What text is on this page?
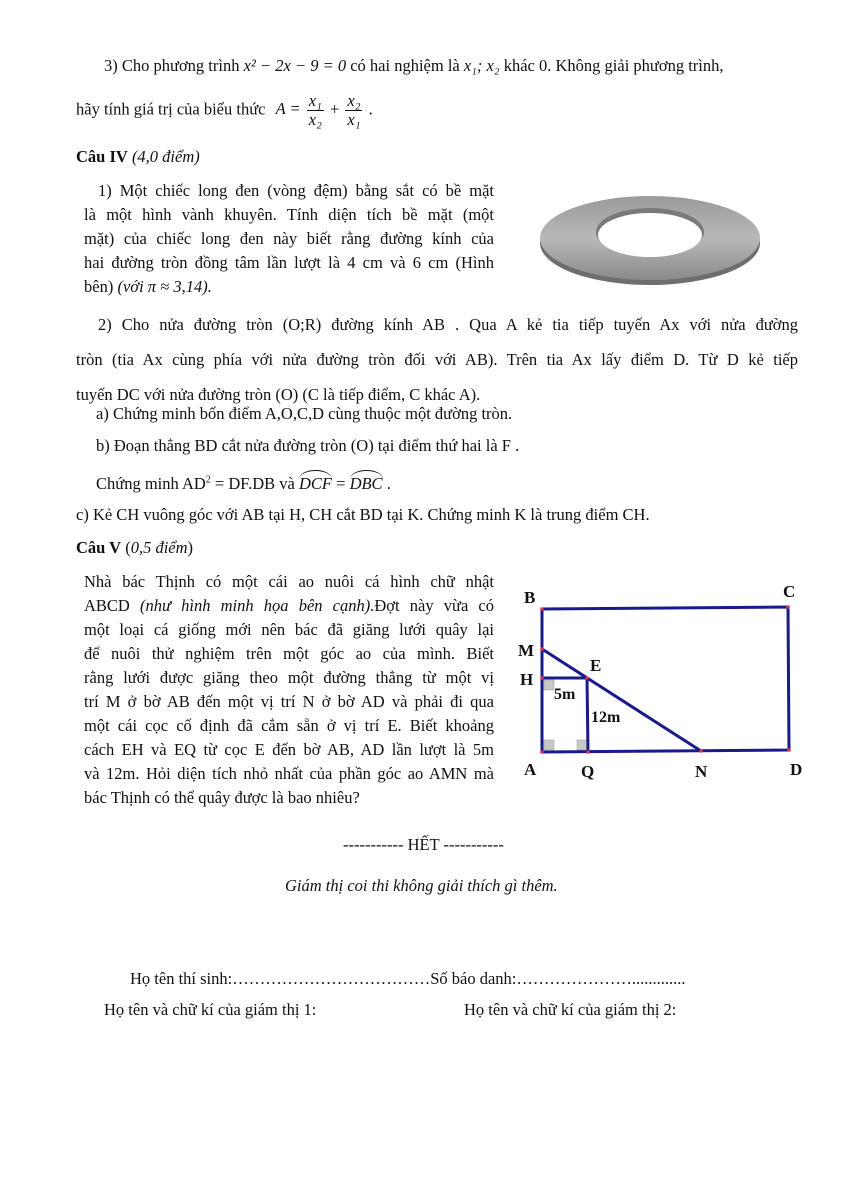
3) Cho phương trình x² − 2x − 9 = 0 có hai nghiệm là x₁; x₂ khác 0. Không giải phương trình,
hãy tính giá trị của biểu thức $A = \frac{\text{x₁}}{\text{x₂}} + \frac{\text{x₂}}{\text{x₁}}$ .
Câu IV (4,0 điểm)
1) Một chiếc long đen (vòng đệm) bằng sắt có bề mặt
là một hình vành khuyên. Tính diện tích bề mặt (một
mặt) của chiếc long đen này biết rằng đường kính của
hai đường tròn đồng tâm lần lượt là 4 cm và 6 cm (Hình
bên) (với π ≈ 3,14).
2) Cho nửa đường tròn (O;R) đường kính AB . Qua A kẻ tia tiếp tuyến Ax với nửa đường
tròn (tia Ax cùng phía với nửa đường tròn đối với AB). Trên tia Ax lấy điểm D. Từ D kẻ tiếp
tuyến DC với nửa đường tròn (O) (C là tiếp điểm, C khác A).
a) Chứng minh bốn điểm A,O,C,D cùng thuộc một đường tròn.
b) Đoạn thẳng BD cắt nửa đường tròn (O) tại điểm thứ hai là F .
Chứng minh $AD^2 = DF.DB$ và DCF = DBC .
c) Kẻ CH vuông góc với AB tại H, CH cắt BD tại K. Chứng minh K là trung điểm CH.
Câu V (0,5 điểm)
Nhà bác Thịnh có một cái ao nuôi cá hình chữ nhật
ABCD (như hình minh họa bên cạnh).Đợt này vừa có
một loại cá giống mới nên bác đã giăng lưới quây lại
để nuôi thử nghiệm trên một góc ao của mình. Biết
rằng lưới được giăng theo một đường thẳng từ một vị
trí M ở bờ AB đến một vị trí N ở bờ AD và phải đi qua
một cái cọc cố định đã cắm sẵn ở vị trí E. Biết khoảng
cách EH và EQ từ cọc E đến bờ AB, AD lần lượt là 5m
và 12m. Hỏi diện tích nhỏ nhất của phần góc ao AMN mà
bác Thịnh có thể quây được là bao nhiêu?
B	C
M
E
H
A	Q	N	D
5m
12m
----------- HẾT -----------
Giám thị coi thi không giải thích gì thêm.
Họ tên thí sinh:………………………………Số báo danh:………………….............
Họ tên và chữ kí của giám thị 1:	Họ tên và chữ kí của giám thị 2:
